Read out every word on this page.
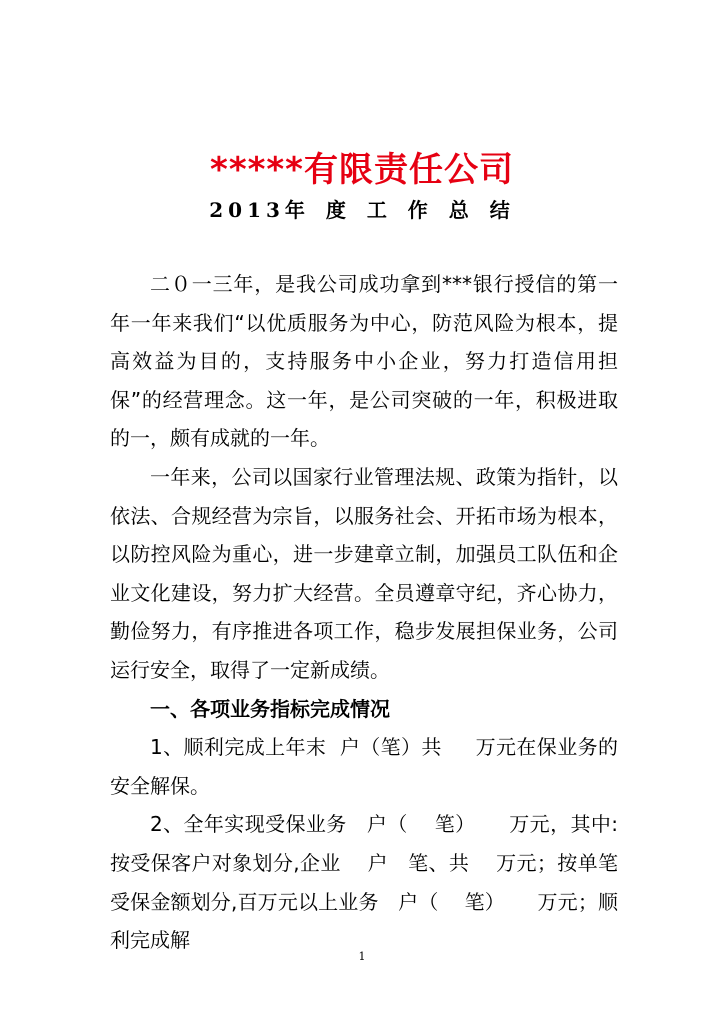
*****有限责任公司
2013年 度 工 作 总 结

二０一三年，是我公司成功拿到***银行授信的第一年一年来我们“以优质服务为中心，防范风险为根本，提高效益为目的，支持服务中小企业，努力打造信用担保”的经营理念。这一年，是公司突破的一年，积极进取的一，颇有成就的一年。

一年来，公司以国家行业管理法规、政策为指针，以依法、合规经营为宗旨，以服务社会、开拓市场为根本，以防控风险为重心，进一步建章立制，加强员工队伍和企业文化建设，努力扩大经营。全员遵章守纪，齐心协力，勤俭努力，有序推进各项工作，稳步发展担保业务，公司运行安全，取得了一定新成绩。

一、各项业务指标完成情况

1、顺利完成上年末  户（笔）共     万元在保业务的安全解保。

2、全年实现受保业务   户（    笔）     万元，其中:按受保客户对象划分,企业    户   笔、共    万元；按单笔受保金额划分,百万元以上业务   户（    笔）     万元；顺利完成解

1
